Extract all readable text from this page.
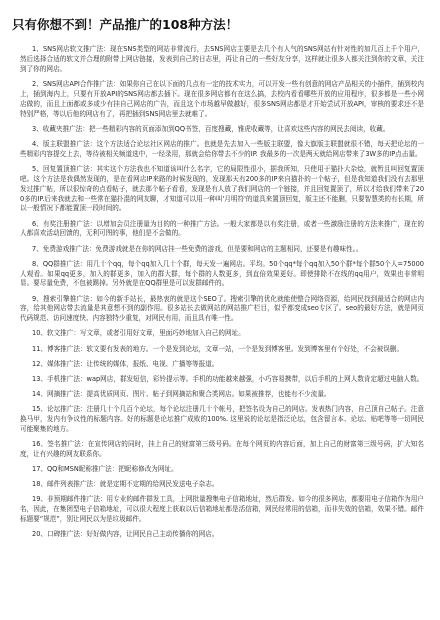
只有你想不到！产品推广的108种方法！

1、SNS网店软文推广法：现在SNS类型的网站非常流行，去SNS网店主要是去几个有人气的SNS网站有针对性的加几百上千个用户，然后选择合适的软文并合理的附带上网店链接，发表到自己的日志里，再让自己的一些好友分享，这样就让很多人都关注到你的文章，关注到了你的网店。

2、SNS网店API合作推广法：如果你自己在以下面的几点有一定的技术实力，可以开发一些有创意的网店产品相关的小插件，插到校内上，插到海内上，只要有开放API的SNS网店都去插下。现在很多网店都有在这么搞，去校内看看哪些开放的应用程序，很多都是一些小网店做的，而且上面都或多或少有挂自己网店的广告，而且这个市场越早做越好，很多SNS网店都是才开始尝试开放API，审核的要求还不是特别严格，等以后他的网店有了，再把插到SNS网店里去就难了。

3、收藏夹推广法：把一些精彩内容的页面添加到QQ书签，百度搜藏，雅虎收藏等，让喜欢这些内容的网民去阅读，收藏。

4、版主联盟推广法：这个方法适合论坛社区网店的推广。也就是先去加入一些版主联盟，像大旗版主联盟就很不错，每天把论坛的一些精彩内容提交上去，等待被相关频道选中，一经录用，那就会给你带去不少的IP. 我最多的一次是两天就给网店带来了3W多的IP点击量。

5、回复置顶推广法：其实这个方法我也不知道该叫什么名字，它的局限性很小，据我所知，只使用于猫扑大杂烩，就暂且叫回复置顶吧。这个方法是我偶然发现的，是在看网店IP来路的时候发现的，发现那天有200多的IP来自猫扑的一个帖子，但是我知道我们没有去那里发过推广帖，所以很惊奇的点看帖子，就去那个帖子看看，发现是有人放了我们网店的一个链接，并且回复置顶了，所以才给我们带来了200多的IP.后来我就去和一些常在猫扑混的网友聊，才知道可以用一种叫'月明符'的道具来置顶回复，版主还不能删，只要智慧类的有长期，所以一般情况下都能置顶一段时间的。

6、有奖注册推广法：以增加会员注册量为目的的一种推广方法。一般大家都是以有奖注册，或者一些激励注册的方法来推广，现在的人都喜欢活动回馈的，无利可图的事，他们是不会做的。

7、免费游戏推广法：免费游戏就是在你的网店挂一些免费的游戏，但是要和网店的主题相同，还要是有趣味性。。

8、QQ群推广法：用几十个qq，每个qq加入几十个群，每天发一遍网店。平均。50个qq*每个qq加入50个群*每个群50个人=75000人观看。如果qq更多，加入的群更多，加入的群大群，每个群的人数更多，到直倍效果更好。即使排除不在线的qq用户，效果也非常明显。要尽量免费，不包被踢掉。另外就是在QQ群里是可以发群邮件的。

9、搜索引擎推广法：如今的新手站长，最热衷的就是这个SEO了。搜索引擎的优化就能使整合网络资源，给网民找到最适合的网店内容，给其他网店带去流量是其意想不到的副作用。很多站长去做网站的网站推广栏目，似乎都变成seo专区了。seo的最好方法，就是网页代码规范、访问速度快、内容独特少重复，对网民有用，而且具有唯一性。

10、软文推广：写文章，或者引用好文章，里面巧妙地加入自己的网址。

11、博客推广法：软文要有发表的地方。一个是发到论坛，文章一站，一个是发到博客里。发到博客里有个好处，不会被误删。

12、媒体推广法：让传统的媒体，报纸、电视、广播等等报道。

13、手机推广法：wap网店，群发短信，彩铃提示等。手机的功能越来越强，小巧容易携带，以后手机的上网人数肯定超过电脑人数。

14、网摘推广法：提高优质网页、图片、帖子到网摘站和聚合类网店。如果被推荐，也能有不少流量。

15、论坛推广法：注册几十个几百个论坛，每个论坛注册几十个帐号，把签名设为自己的网店。发表热门内容，自己顶自己帖子。注意换马甲，发内有争议性的标题内容。好的标题是论坛推广成败的100%. 这里说的论坛是指泛论坛，包含留言本、论坛、贴吧等等一切网民可能聚集的地方。

16、签名推广法：在宣传网店的同时，挂上自己的财富第三级号码。在每个网页的内容后面，加上自己的财富第三级号码，扩大知名度，让有兴趣的网友联系你。

17、QQ和MSN昵称推广法：把昵称修改为网址。

18、邮件列表推广法：就是定期不定期的给网民发送电子杂志。

19、非预期邮件推广法：用专业的邮件群发工具，上网批量搜集电子信箱地址，然后群发。如今的很多网店，都要用电子信箱作为用户名，因此，在集团型电子信箱地址，可以很大程度上获取以后信箱地址都是活信箱，网民经常用的信箱，而非失效的信箱，效果不错。邮件标题要“规范”，别让网民以为是垃圾邮件。

20、口碑推广法：好好做内容，让网民自己主动传播你的网店。
